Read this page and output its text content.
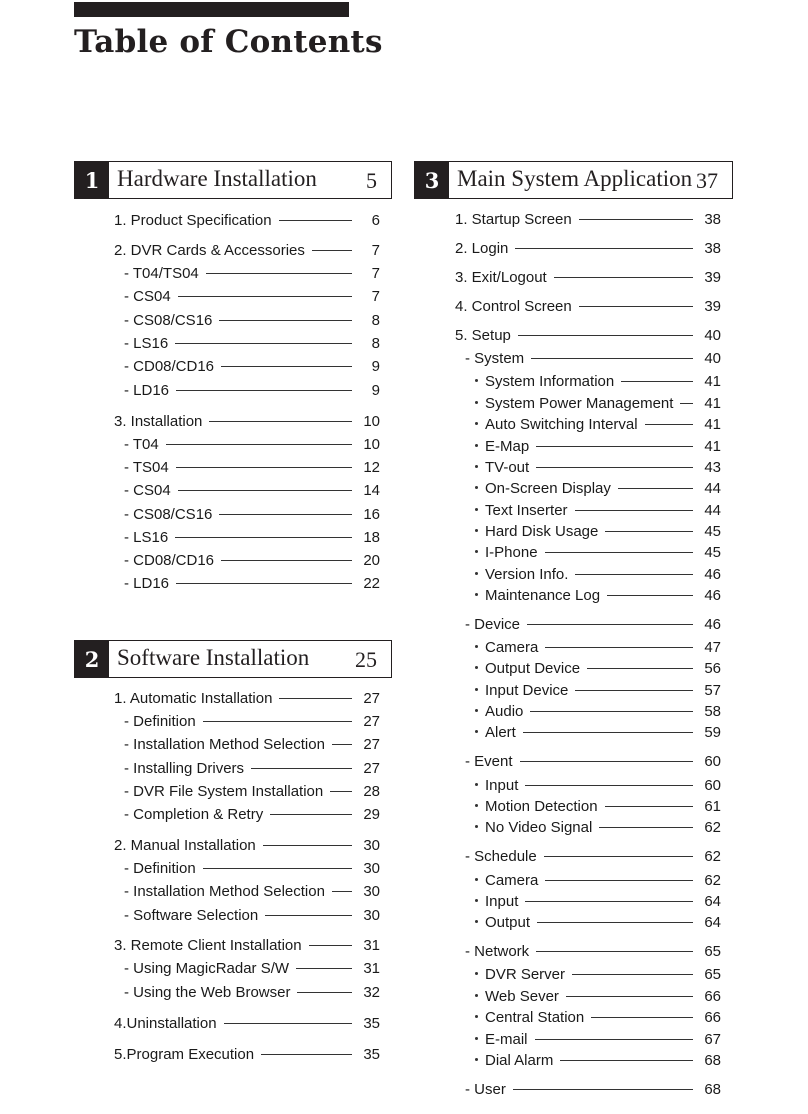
Table of Contents
1 Hardware Installation 5
2 Software Installation 25
3 Main System Application 37
1. Product Specification	6
2. DVR Cards & Accessories	7
- T04/TS04	7
- CS04	7
- CS08/CS16	8
- LS16	8
- CD08/CD16	9
- LD16	9
3. Installation	10
- T04	10
- TS04	12
- CS04	14
- CS08/CS16	16
- LS16	18
- CD08/CD16	20
- LD16	22
1. Automatic Installation	27
- Definition	27
- Installation Method Selection	27
- Installing Drivers	27
- DVR File System Installation	28
- Completion & Retry	29
2. Manual Installation	30
- Definition	30
- Installation Method Selection	30
- Software Selection	30
3. Remote Client Installation	31
- Using MagicRadar S/W	31
- Using the Web Browser	32
4.Uninstallation	35
5.Program Execution	35
1. Startup Screen	38
2. Login	38
3. Exit/Logout	39
4. Control Screen	39
5. Setup	40
- System	40
System Information	41
System Power Management 41
Auto Switching Interval	41
E-Map	41
TV-out	43
On-Screen Display	44
Text Inserter	44
Hard Disk Usage	45
I-Phone	45
Version Info.	46
Maintenance Log	46
- Device	46
Camera	47
Output Device	56
Input Device	57
Audio	58
Alert	59
- Event	60
Input	60
Motion Detection	61
No Video Signal	62
- Schedule	62
Camera	62
Input	64
Output	64
- Network	65
DVR Server	65
Web Sever	66
Central Station	66
E-mail	67
Dial Alarm	68
- User	68
